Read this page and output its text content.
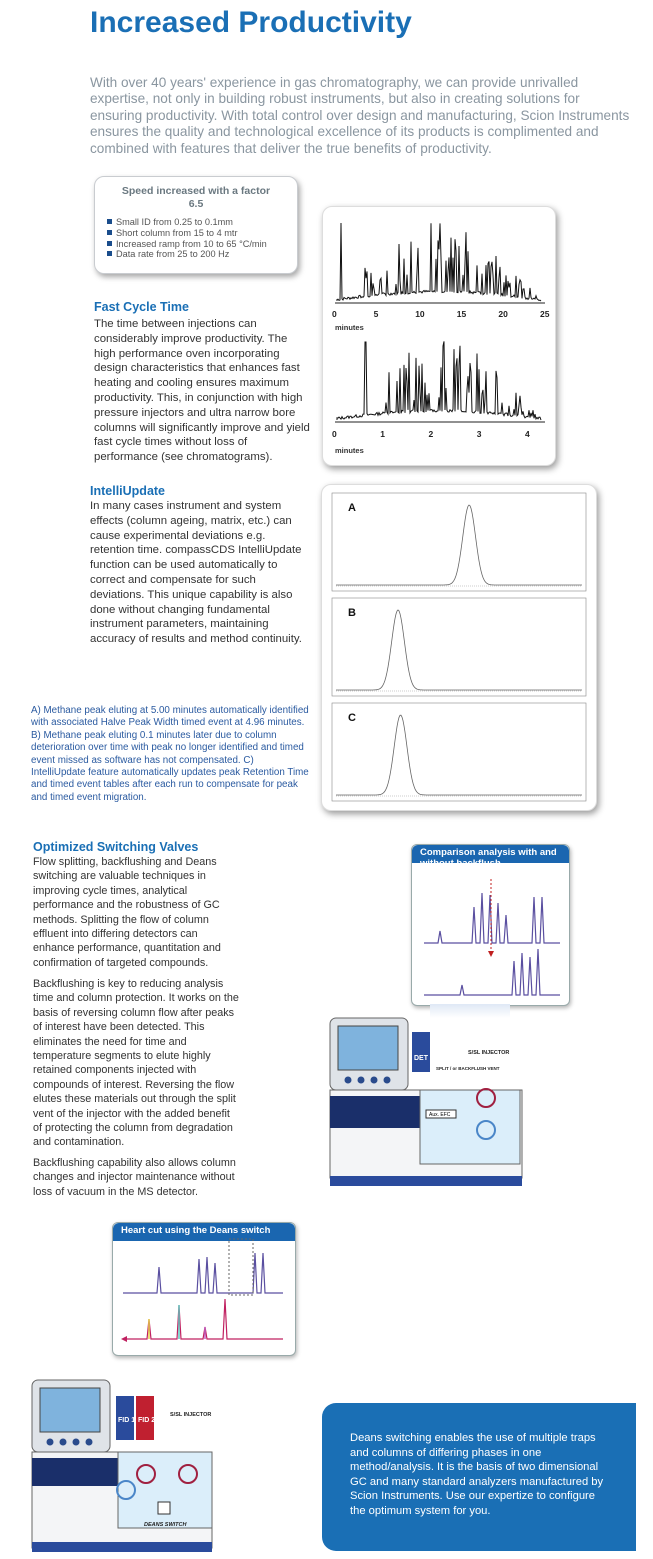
Increased Productivity
With over 40 years' experience in gas chromatography, we can provide unrivalled expertise, not only in building robust instruments, but also in creating solutions for ensuring productivity. With total control over design and manufacturing, Scion Instruments ensures the quality and technological excellence of its products is complimented and combined with features that deliver the true benefits of productivity.
Speed increased with a factor 6.5
Small ID from 0.25 to 0.1mm
Short column from 15 to 4 mtr
Increased ramp from 10 to 65 °C/min
Data rate from 25 to 200 Hz
Fast Cycle Time
The time between injections can considerably improve productivity. The high performance oven incorporating design characteristics that enhances fast heating and cooling ensures maximum productivity. This, in conjunction with high pressure injectors and ultra narrow bore columns will significantly improve and yield fast cycle times without loss of performance (see chromatograms).
0	5	10	15	20	25
minutes
0	1	2	3	4
minutes
IntelliUpdate
In many cases instrument and system effects (column ageing, matrix, etc.) can cause experimental deviations e.g. retention time. compassCDS IntelliUpdate function can be used automatically to correct and compensate for such deviations. This unique capability is also done without changing fundamental instrument parameters, maintaining accuracy of results and method continuity.
A) Methane peak eluting at 5.00 minutes automatically identified with associated Halve Peak Width timed event at 4.96 minutes. B) Methane peak eluting 0.1 minutes later due to column deterioration over time with peak no longer identified and timed event missed as software has not compensated. C) IntelliUpdate feature automatically updates peak Retention Time and timed event tables after each run to compensate for peak and timed event migration.
A
B
C
Optimized Switching Valves
Flow splitting, backflushing and Deans switching are valuable techniques in improving cycle times, analytical performance and the robustness of GC methods. Splitting the flow of column effluent into differing detectors can enhance performance, quantitation and confirmation of targeted compounds.
Backflushing is key to reducing analysis time and column protection. It works on the basis of reversing column flow after peaks of interest have been detected. This eliminates the need for time and temperature segments to elute highly retained components injected with compounds of interest. Reversing the flow elutes these materials out through the split vent of the injector with the added benefit of protecting the column from degradation and contamination.
Backflushing capability also allows column changes and injector maintenance without loss of vacuum in the MS detector.
Comparison analysis with and without backflush
DET
S/SL INJECTOR
SPLIT / or BACKFLUSH VENT
Aux. EFC
Heart cut using the Deans switch
FID 1 FID 2
S/SL INJECTOR
DEANS SWITCH

Deans switching enables the use of multiple traps and columns of differing phases in one method/analysis. It is the basis of two dimensional GC and many standard analyzers manufactured by Scion Instruments. Use our expertize to configure the optimum system for you.
